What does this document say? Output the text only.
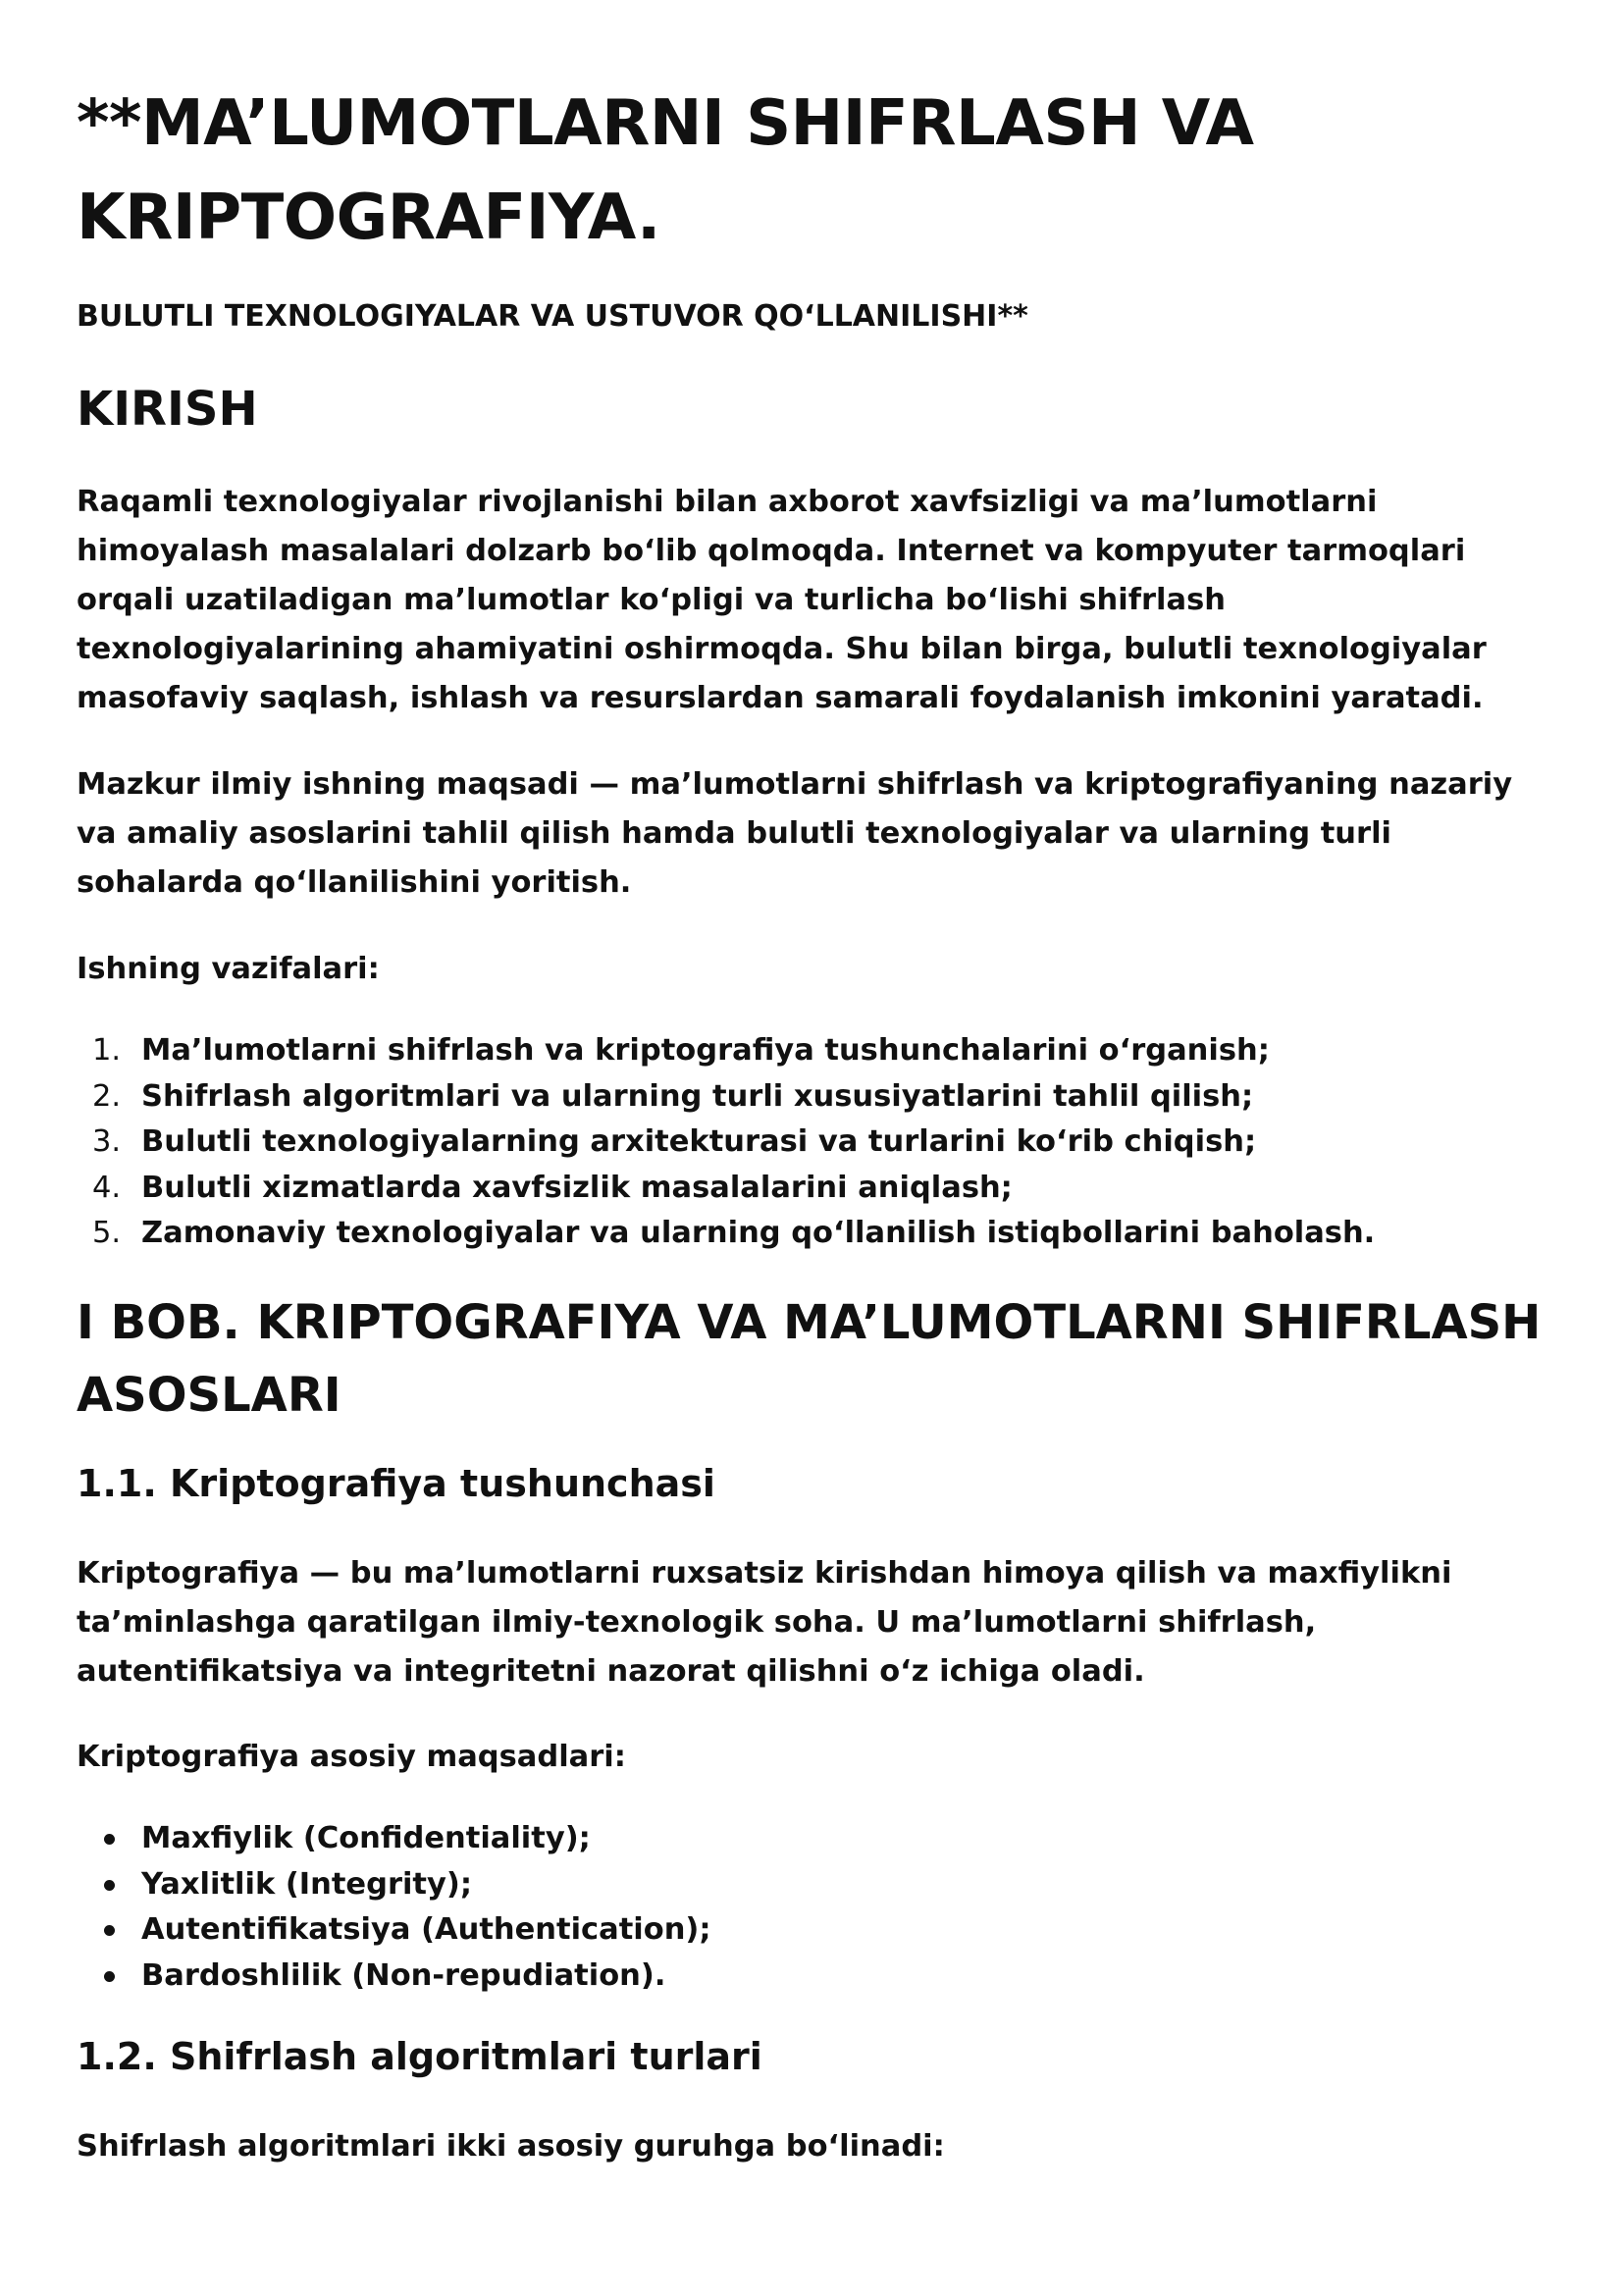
**MA’LUMOTLARNI SHIFRLASH VA KRIPTOGRAFIYA.
BULUTLI TEXNOLOGIYALAR VA USTUVOR QO‘LLANILISHI**
KIRISH

Raqamli texnologiyalar rivojlanishi bilan axborot xavfsizligi va ma’lumotlarni himoyalash masalalari dolzarb bo‘lib qolmoqda. Internet va kompyuter tarmoqlari orqali uzatiladigan ma’lumotlar ko‘pligi va turlicha bo‘lishi shifrlash texnologiyalarining ahamiyatini oshirmoqda. Shu bilan birga, bulutli texnologiyalar masofaviy saqlash, ishlash va resurslardan samarali foydalanish imkonini yaratadi.

Mazkur ilmiy ishning maqsadi — ma’lumotlarni shifrlash va kriptografiyaning nazariy va amaliy asoslarini tahlil qilish hamda bulutli texnologiyalar va ularning turli sohalarda qo‘llanilishini yoritish.

Ishning vazifalari:

1. Ma’lumotlarni shifrlash va kriptografiya tushunchalarini o‘rganish;
2. Shifrlash algoritmlari va ularning turli xususiyatlarini tahlil qilish;
3. Bulutli texnologiyalarning arxitekturasi va turlarini ko‘rib chiqish;
4. Bulutli xizmatlarda xavfsizlik masalalarini aniqlash;
5. Zamonaviy texnologiyalar va ularning qo‘llanilish istiqbollarini baholash.
I BOB. KRIPTOGRAFIYA VA MA’LUMOTLARNI SHIFRLASH ASOSLARI
1.1. Kriptografiya tushunchasi

Kriptografiya — bu ma’lumotlarni ruxsatsiz kirishdan himoya qilish va maxfiylikni ta’minlashga qaratilgan ilmiy-texnologik soha. U ma’lumotlarni shifrlash, autentifikatsiya va integritetni nazorat qilishni o‘z ichiga oladi.

Kriptografiya asosiy maqsadlari:

Maxfiylik (Confidentiality);
Yaxlitlik (Integrity);
Autentifikatsiya (Authentication);
Bardoshlilik (Non-repudiation).
1.2. Shifrlash algoritmlari turlari

Shifrlash algoritmlari ikki asosiy guruhga bo‘linadi:
